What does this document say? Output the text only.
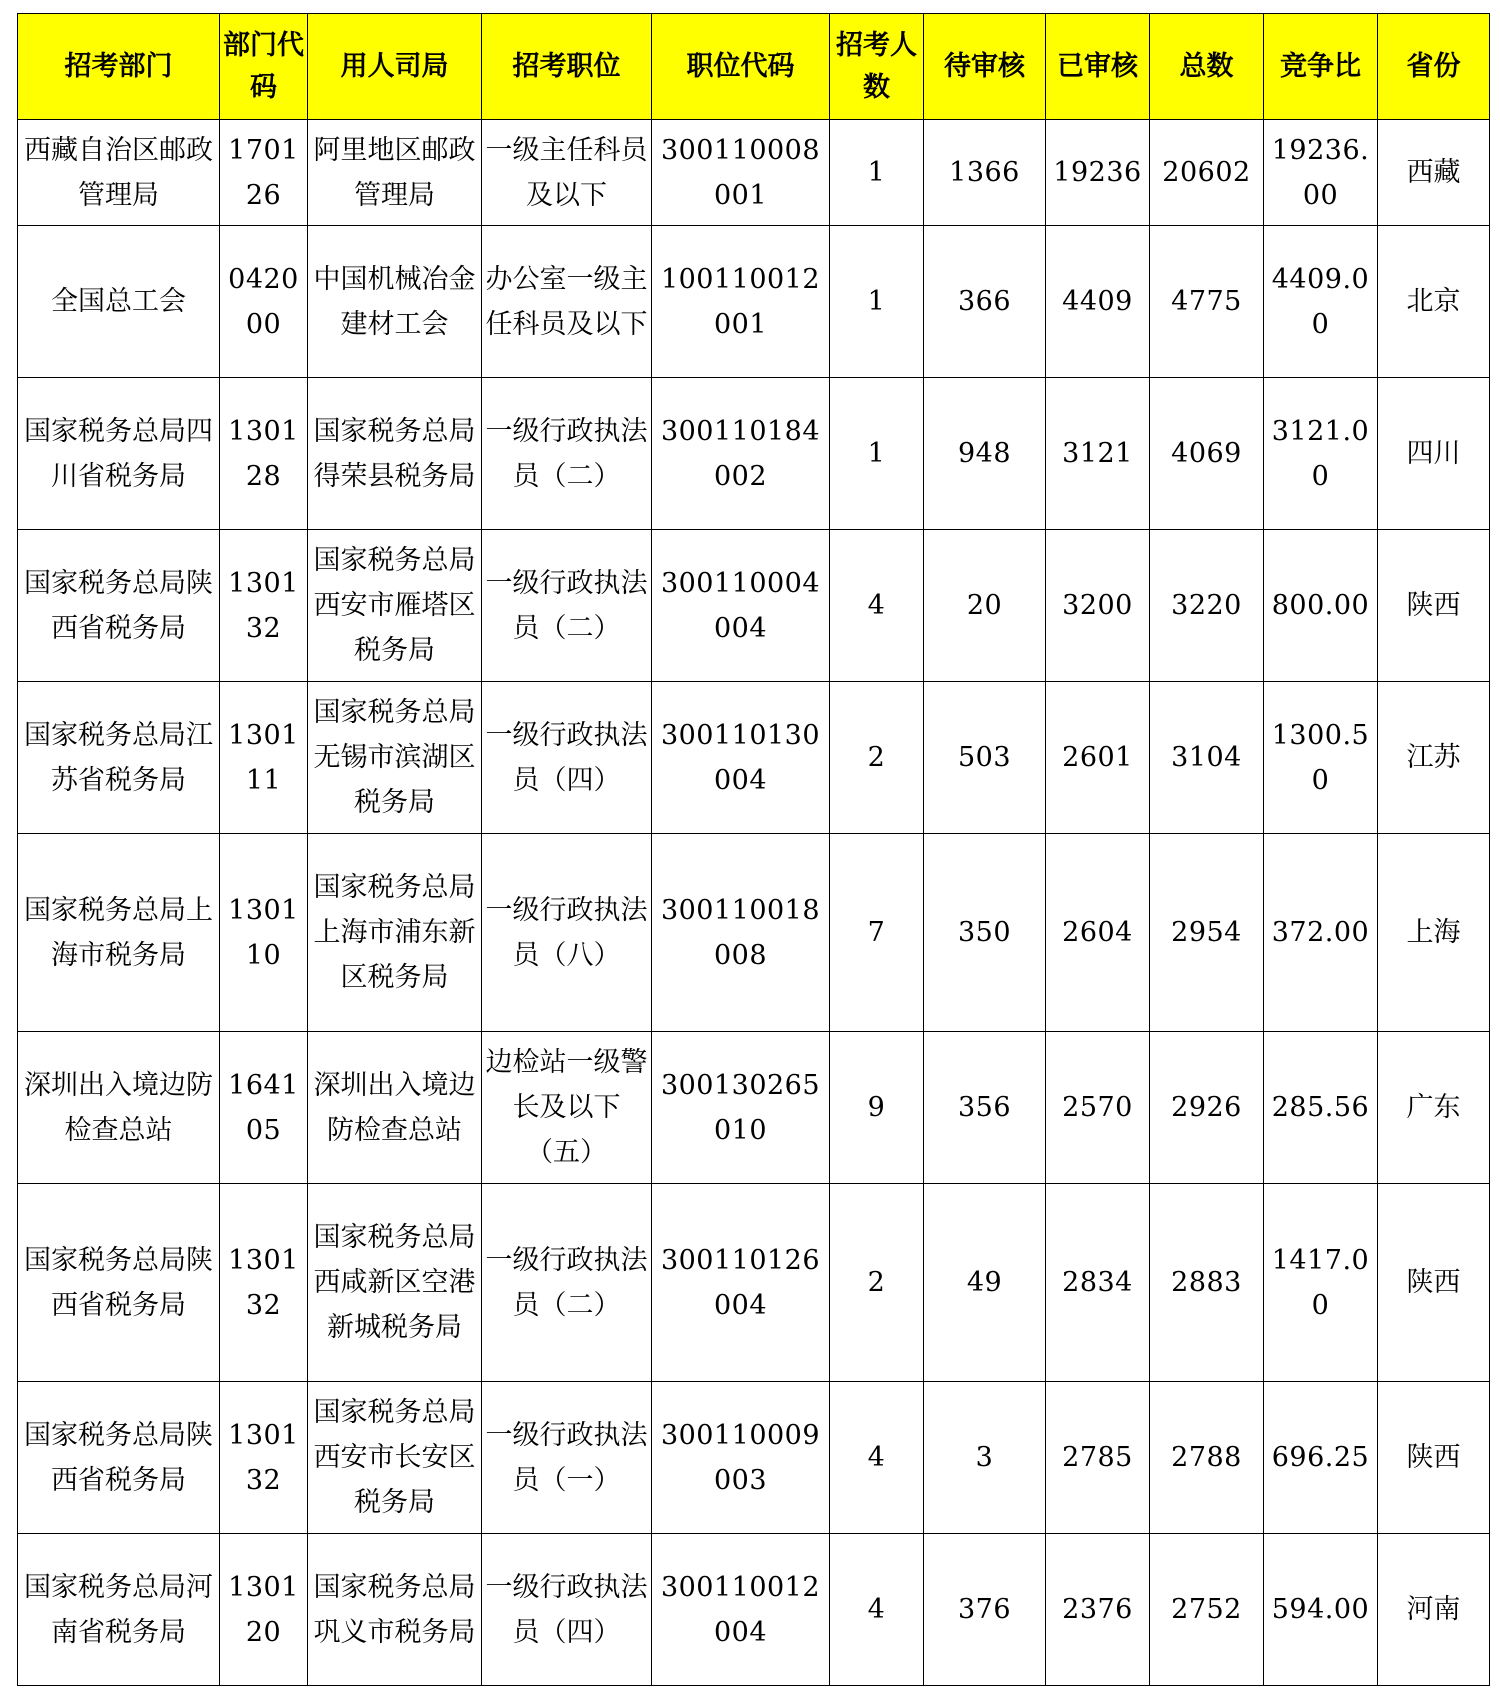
招考部门	部门代码	用人司局	招考职位	职位代码	招考人数	待审核	已审核	总数	竞争比	省份
西藏自治区邮政管理局	170126	阿里地区邮政管理局	一级主任科员及以下	300110008001	1	1366	19236	20602	19236.00	西藏
全国总工会	042000	中国机械冶金建材工会	办公室一级主任科员及以下	100110012001	1	366	4409	4775	4409.00	北京
国家税务总局四川省税务局	130128	国家税务总局得荣县税务局	一级行政执法员（二）	300110184002	1	948	3121	4069	3121.00	四川
国家税务总局陕西省税务局	130132	国家税务总局西安市雁塔区税务局	一级行政执法员（二）	300110004004	4	20	3200	3220	800.00	陕西
国家税务总局江苏省税务局	130111	国家税务总局无锡市滨湖区税务局	一级行政执法员（四）	300110130004	2	503	2601	3104	1300.50	江苏
国家税务总局上海市税务局	130110	国家税务总局上海市浦东新区税务局	一级行政执法员（八）	300110018008	7	350	2604	2954	372.00	上海
深圳出入境边防检查总站	164105	深圳出入境边防检查总站	边检站一级警长及以下（五）	300130265010	9	356	2570	2926	285.56	广东
国家税务总局陕西省税务局	130132	国家税务总局西咸新区空港新城税务局	一级行政执法员（二）	300110126004	2	49	2834	2883	1417.00	陕西
国家税务总局陕西省税务局	130132	国家税务总局西安市长安区税务局	一级行政执法员（一）	300110009003	4	3	2785	2788	696.25	陕西
国家税务总局河南省税务局	130120	国家税务总局巩义市税务局	一级行政执法员（四）	300110012004	4	376	2376	2752	594.00	河南
